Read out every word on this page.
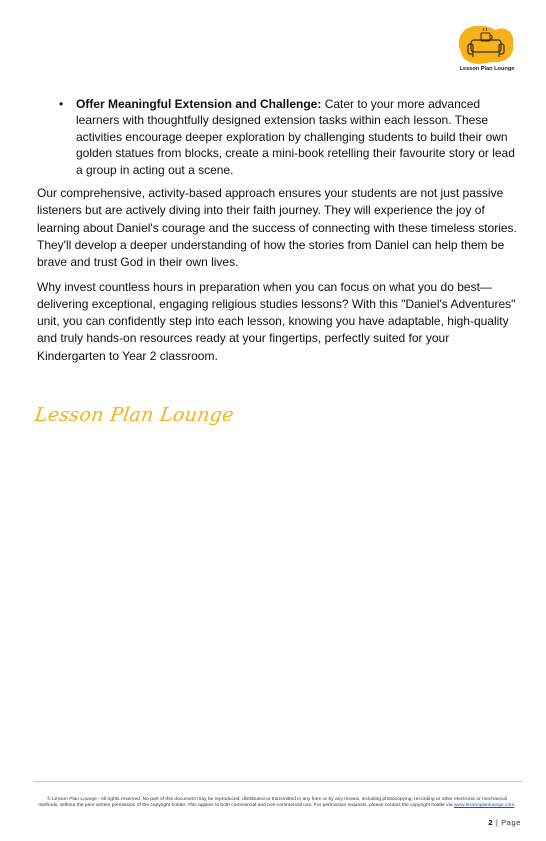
Lesson Plan Lounge
• Offer Meaningful Extension and Challenge: Cater to your more advanced learners with thoughtfully designed extension tasks within each lesson. These activities encourage deeper exploration by challenging students to build their own golden statues from blocks, create a mini-book retelling their favourite story or lead a group in acting out a scene.

Our comprehensive, activity-based approach ensures your students are not just passive listeners but are actively diving into their faith journey. They will experience the joy of learning about Daniel's courage and the success of connecting with these timeless stories. They'll develop a deeper understanding of how the stories from Daniel can help them be brave and trust God in their own lives.

Why invest countless hours in preparation when you can focus on what you do best—delivering exceptional, engaging religious studies lessons? With this "Daniel's Adventures" unit, you can confidently step into each lesson, knowing you have adaptable, high-quality and truly hands-on resources ready at your fingertips, perfectly suited for your Kindergarten to Year 2 classroom.

Lesson Plan Lounge
© Lesson Plan Lounge - All rights reserved. No part of this document may be reproduced, distributed or transmitted in any form or by any means, including photocopying, recording or other electronic or mechanical methods, without the prior written permission of the copyright holder. This applies to both commercial and non-commercial use. For permission requests, please contact the copyright holder via www.lessonplanlounge.com.
2 | Page
